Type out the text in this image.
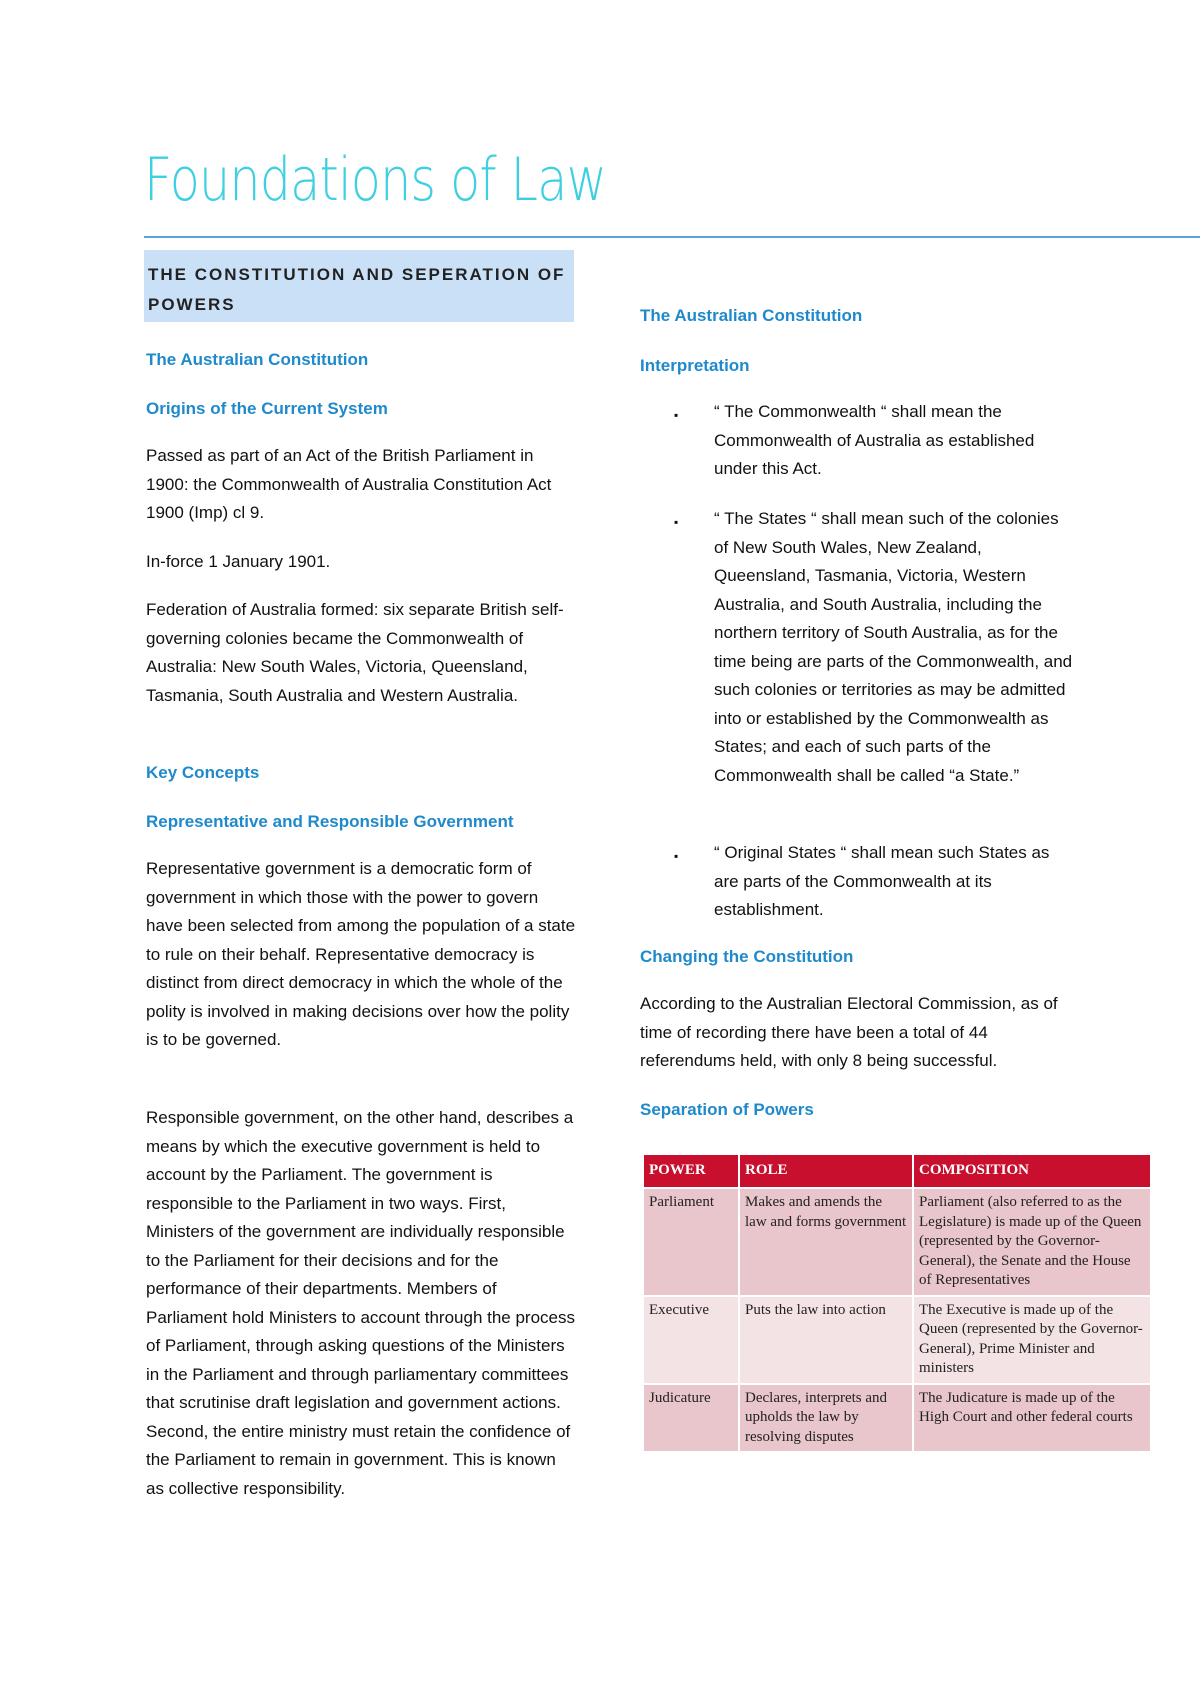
Foundations of Law
THE CONSTITUTION AND SEPERATION OF POWERS

The Australian Constitution

Origins of the Current System

Passed as part of an Act of the British Parliament in 1900: the Commonwealth of Australia Constitution Act 1900 (Imp) cl 9.

In-force 1 January 1901.

Federation of Australia formed: six separate British self-governing colonies became the Commonwealth of Australia: New South Wales, Victoria, Queensland, Tasmania, South Australia and Western Australia.

Key Concepts

Representative and Responsible Government

Representative government is a democratic form of government in which those with the power to govern have been selected from among the population of a state to rule on their behalf. Representative democracy is distinct from direct democracy in which the whole of the polity is involved in making decisions over how the polity is to be governed.

Responsible government, on the other hand, describes a means by which the executive government is held to account by the Parliament. The government is responsible to the Parliament in two ways. First, Ministers of the government are individually responsible to the Parliament for their decisions and for the performance of their departments. Members of Parliament hold Ministers to account through the process of Parliament, through asking questions of the Ministers in the Parliament and through parliamentary committees that scrutinise draft legislation and government actions. Second, the entire ministry must retain the confidence of the Parliament to remain in government. This is known as collective responsibility.

The Australian Constitution

Interpretation

▪ “ The Commonwealth “ shall mean the Commonwealth of Australia as established under this Act.

▪ “ The States “ shall mean such of the colonies of New South Wales, New Zealand, Queensland, Tasmania, Victoria, Western Australia, and South Australia, including the northern territory of South Australia, as for the time being are parts of the Commonwealth, and such colonies or territories as may be admitted into or established by the Commonwealth as States; and each of such parts of the Commonwealth shall be called “a State.”

▪ “ Original States “ shall mean such States as are parts of the Commonwealth at its establishment.

Changing the Constitution

According to the Australian Electoral Commission, as of time of recording there have been a total of 44 referendums held, with only 8 being successful.

Separation of Powers

POWER	ROLE	COMPOSITION
Parliament	Makes and amends the law and forms government	Parliament (also referred to as the Legislature) is made up of the Queen (represented by the Governor-General), the Senate and the House of Representatives
Executive	Puts the law into action	The Executive is made up of the Queen (represented by the Governor-General), Prime Minister and ministers
Judicature	Declares, interprets and upholds the law by resolving disputes	The Judicature is made up of the High Court and other federal courts
